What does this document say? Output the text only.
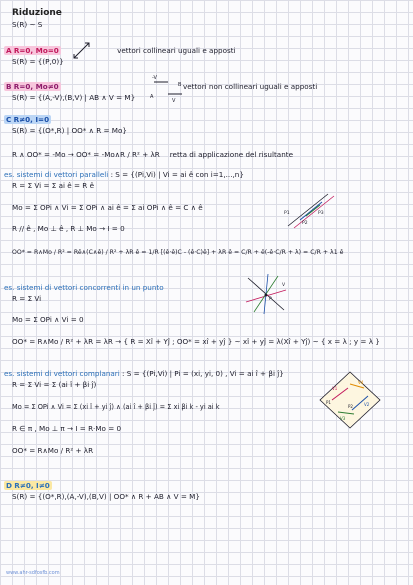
Riduzione
S(R) ~ S
A R=0, Mo=0	vettori collineari uguali e apposti
S(R) = {(P,0)}
B R=0, Mo≠0	vettori non collineari uguali e apposti
S(R) = {(A,-V),(B,V) | AB ∧ V = M}
-V
B
A
V
C R≠0, I=0
S(R) = {(O*,R) | OO* ∧ R = Mo}
R ∧ OO* = -Mo → OO* = -Mo∧R / R² + λR retta di applicazione del risultante
es. sistemi di vettori paralleli : S = {(Pi,Vi) | Vi = ai ê con i=1,...,n}
R = Σ Vi = Σ ai ê = R ê
Mo = Σ OPi ∧ Vi = Σ OPi ∧ ai ê = Σ ai OPi ∧ ê = C ∧ ê
R // ê , Mo ⊥ ê , R ⊥ Mo → I = 0
OO* = R∧Mo / R² = Rê∧(C∧ê) / R² + λR ê = 1/R [(ê·ê)C - (ê·C)ê] + λR ê = C/R + ê(-ê·C/R + λ) = C/R + λ1 ê
P1
P2
P3
es. sistemi di vettori concorrenti in un punto
R = Σ Vi
Mo = Σ OPi ∧ Vi = 0
OO* = R∧Mo / R² + λR = λR → { R = Xî + Yĵ ; OO* = xî + yĵ } ~ xî + yĵ = λ(Xî + Yĵ) ~ { x = λ ; y = λ }
V
P
es. sistemi di vettori complanari : S = {(Pi,Vi) | Pi = (xi, yi, 0) , Vi = ai î + βi ĵ}
R = Σ Vi = Σ (ai î + βi ĵ)
Mo = Σ OPi ∧ Vi = Σ (xi î + yi ĵ) ∧ (ai î + βi ĵ) = Σ xi βi k - yi ai k
R ∈ π , Mo ⊥ π → I = R·Mo = 0
OO* = R∧Mo / R² + λR
V1
V2
V3
V4
P1
P2
D R≠0, I≠0
S(R) = {(O*,R),(A,-V),(B,V) | OO* ∧ R + AB ∧ V = M}
www.ahr-sdfosfb.com
